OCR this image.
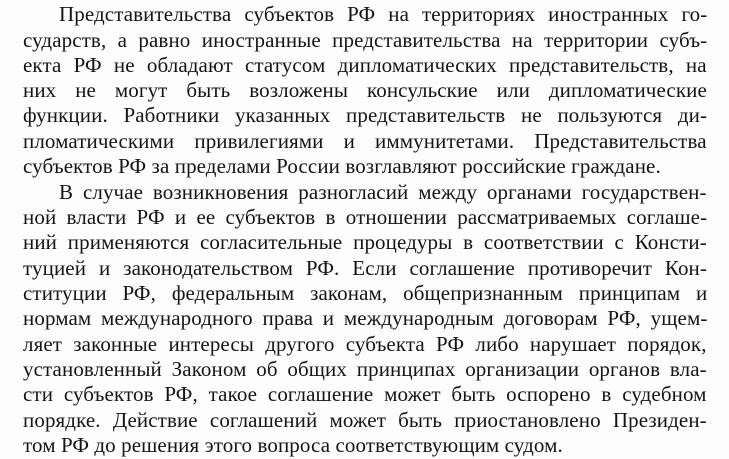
Представительства субъектов РФ на территориях иностранных го-
сударств, а равно иностранные представительства на территории субъ-
екта РФ не обладают статусом дипломатических представительств, на
них не могут быть возложены консульские или дипломатические
функции. Работники указанных представительств не пользуются ди-
пломатическими привилегиями и иммунитетами. Представительства
субъектов РФ за пределами России возглавляют российские граждане.
В случае возникновения разногласий между органами государствен-
ной власти РФ и ее субъектов в отношении рассматриваемых соглаше-
ний применяются согласительные процедуры в соответствии с Консти-
туцией и законодательством РФ. Если соглашение противоречит Кон-
ституции РФ, федеральным законам, общепризнанным принципам и
нормам международного права и международным договорам РФ, ущем-
ляет законные интересы другого субъекта РФ либо нарушает порядок,
установленный Законом об общих принципах организации органов вла-
сти субъектов РФ, такое соглашение может быть оспорено в судебном
порядке. Действие соглашений может быть приостановлено Президен-
том РФ до решения этого вопроса соответствующим судом.
